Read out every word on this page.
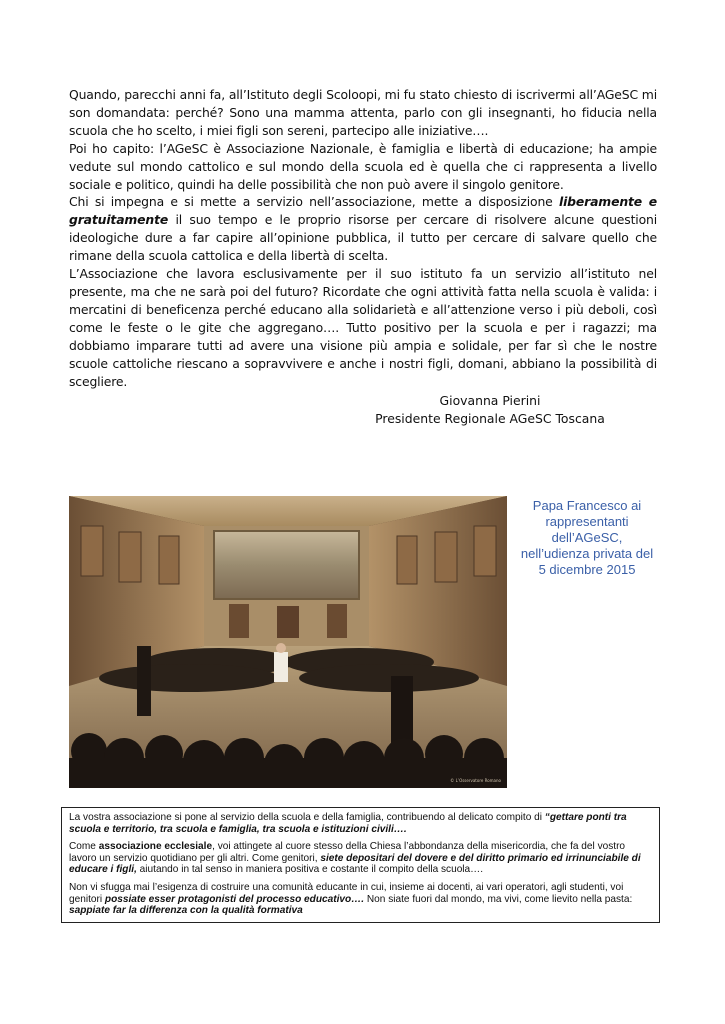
Quando, parecchi anni fa, all’Istituto degli Scoloopi, mi fu stato chiesto di iscrivermi all’AGeSC mi son domandata: perché? Sono una mamma attenta, parlo con gli insegnanti, ho fiducia nella scuola che ho scelto, i miei figli son sereni, partecipo alle iniziative….

Poi ho capito: l’AGeSC è Associazione Nazionale, è famiglia e libertà di educazione; ha ampie vedute sul mondo cattolico e sul mondo della scuola ed è quella che ci rappresenta a livello sociale e politico, quindi ha delle possibilità che non può avere il singolo genitore.

Chi si impegna e si mette a servizio nell’associazione, mette a disposizione liberamente e gratuitamente il suo tempo e le proprio risorse per cercare di risolvere alcune questioni ideologiche dure a far capire all’opinione pubblica, il tutto per cercare di salvare quello che rimane della scuola cattolica e della libertà di scelta.

L’Associazione che lavora esclusivamente per il suo istituto fa un servizio all’istituto nel presente, ma che ne sarà poi del futuro? Ricordate che ogni attività fatta nella scuola è valida: i mercatini di beneficenza perché educano alla solidarietà e all’attenzione verso i più deboli, così come le feste o le gite che aggregano…. Tutto positivo per la scuola e per i ragazzi; ma dobbiamo imparare tutti ad avere una visione più ampia e solidale, per far sì che le nostre scuole cattoliche riescano a sopravvivere e anche i nostri figli, domani, abbiano la possibilità di scegliere.

Giovanna Pierini
Presidente Regionale AGeSC Toscana
© L’Osservatore Romano
Papa Francesco ai
rappresentanti
dell’AGeSC,
nell’udienza privata del
5 dicembre 2015

La vostra associazione si pone al servizio della scuola e della famiglia, contribuendo al delicato compito di “gettare ponti tra scuola e territorio, tra scuola e famiglia, tra scuola e istituzioni civili….

Come associazione ecclesiale, voi attingete al cuore stesso della Chiesa l’abbondanza della misericordia, che fa del vostro lavoro un servizio quotidiano per gli altri. Come genitori, siete depositari del dovere e del diritto primario ed irrinunciabile di educare i figli, aiutando in tal senso in maniera positiva e costante il compito della scuola….

Non vi sfugga mai l’esigenza di costruire una comunità educante in cui, insieme ai docenti, ai vari operatori, agli studenti, voi genitori possiate esser protagonisti del processo educativo…. Non siate fuori dal mondo, ma vivi, come lievito nella pasta: sappiate far la differenza con la qualità formativa
